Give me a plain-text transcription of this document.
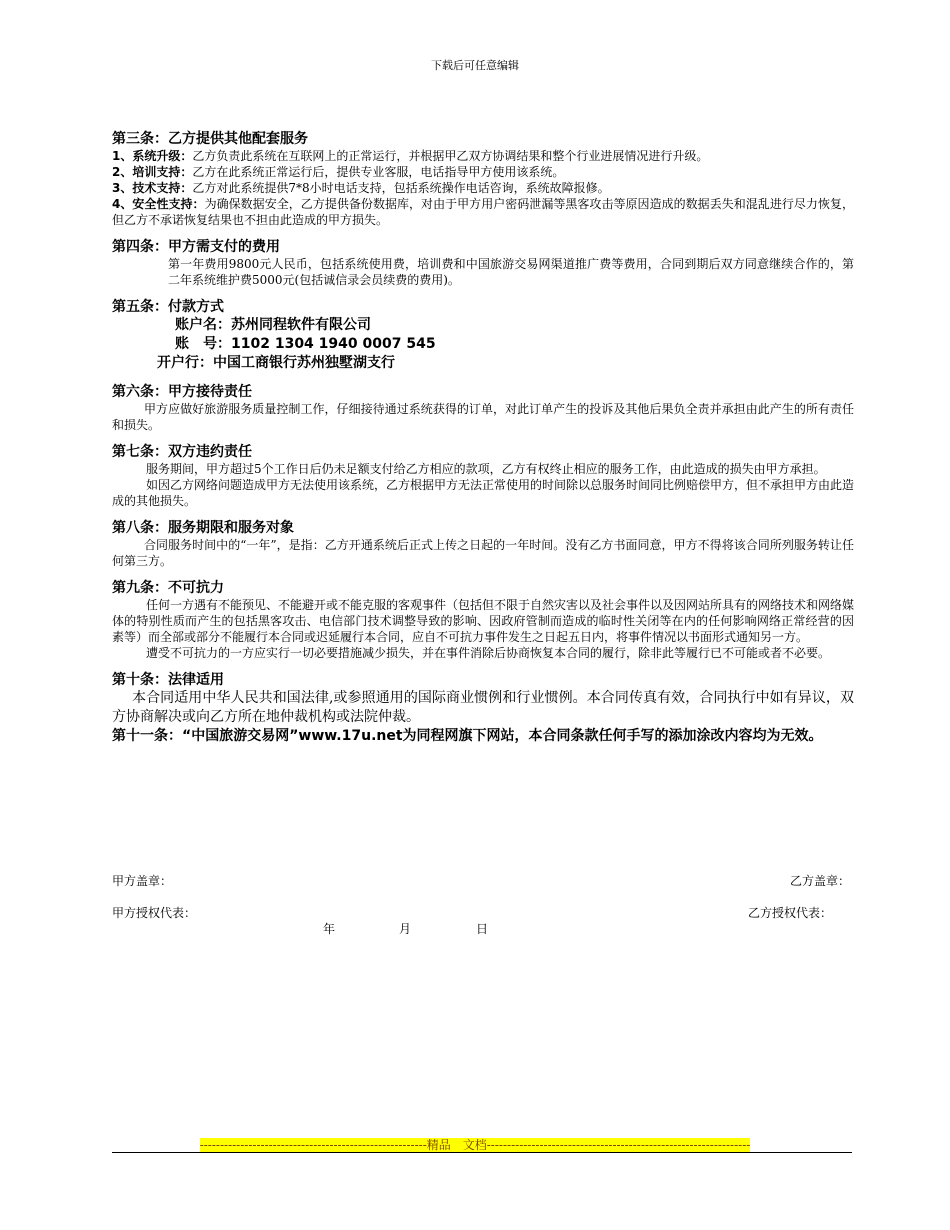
下载后可任意编辑

第三条：乙方提供其他配套服务

1、系统升级：乙方负责此系统在互联网上的正常运行，并根据甲乙双方协调结果和整个行业进展情况进行升级。

2、培训支持：乙方在此系统正常运行后，提供专业客服，电话指导甲方使用该系统。

3、技术支持：乙方对此系统提供7*8小时电话支持，包括系统操作电话咨询，系统故障报修。

4、安全性支持：为确保数据安全，乙方提供备份数据库，对由于甲方用户密码泄漏等黑客攻击等原因造成的数据丢失和混乱进行尽力恢复，但乙方不承诺恢复结果也不担由此造成的甲方损失。

第四条：甲方需支付的费用

第一年费用9800元人民币，包括系统使用费，培训费和中国旅游交易网渠道推广费等费用，合同到期后双方同意继续合作的，第二年系统维护费5000元(包括诚信录会员续费的费用)。

第五条：付款方式

账户名：苏州同程软件有限公司

账　号：1102 1304 1940 0007 545

开户行：中国工商银行苏州独墅湖支行

第六条：甲方接待责任

甲方应做好旅游服务质量控制工作，仔细接待通过系统获得的订单，对此订单产生的投诉及其他后果负全责并承担由此产生的所有责任和损失。

第七条：双方违约责任

服务期间，甲方超过5个工作日后仍未足额支付给乙方相应的款项，乙方有权终止相应的服务工作，由此造成的损失由甲方承担。

如因乙方网络问题造成甲方无法使用该系统，乙方根据甲方无法正常使用的时间除以总服务时间同比例赔偿甲方，但不承担甲方由此造成的其他损失。

第八条：服务期限和服务对象

合同服务时间中的“一年”，是指：乙方开通系统后正式上传之日起的一年时间。没有乙方书面同意，甲方不得将该合同所列服务转让任何第三方。

第九条：不可抗力

任何一方遇有不能预见、不能避开或不能克服的客观事件（包括但不限于自然灾害以及社会事件以及因网站所具有的网络技术和网络媒体的特别性质而产生的包括黑客攻击、电信部门技术调整导致的影响、因政府管制而造成的临时性关闭等在内的任何影响网络正常经营的因素等）而全部或部分不能履行本合同或迟延履行本合同，应自不可抗力事件发生之日起五日内，将事件情况以书面形式通知另一方。

遭受不可抗力的一方应实行一切必要措施减少损失，并在事件消除后协商恢复本合同的履行，除非此等履行已不可能或者不必要。

第十条：法律适用

本合同适用中华人民共和国法律,或参照通用的国际商业惯例和行业惯例。本合同传真有效，合同执行中如有异议，双方协商解决或向乙方所在地仲裁机构或法院仲裁。

第十一条：“中国旅游交易网”www.17u.net为同程网旗下网站，本合同条款任何手写的添加涂改内容均为无效。

甲方盖章：	乙方盖章：
甲方授权代表：	乙方授权代表：
年	月	日
--------------------------------------------------------精品　文档-----------------------------------------------------------------
